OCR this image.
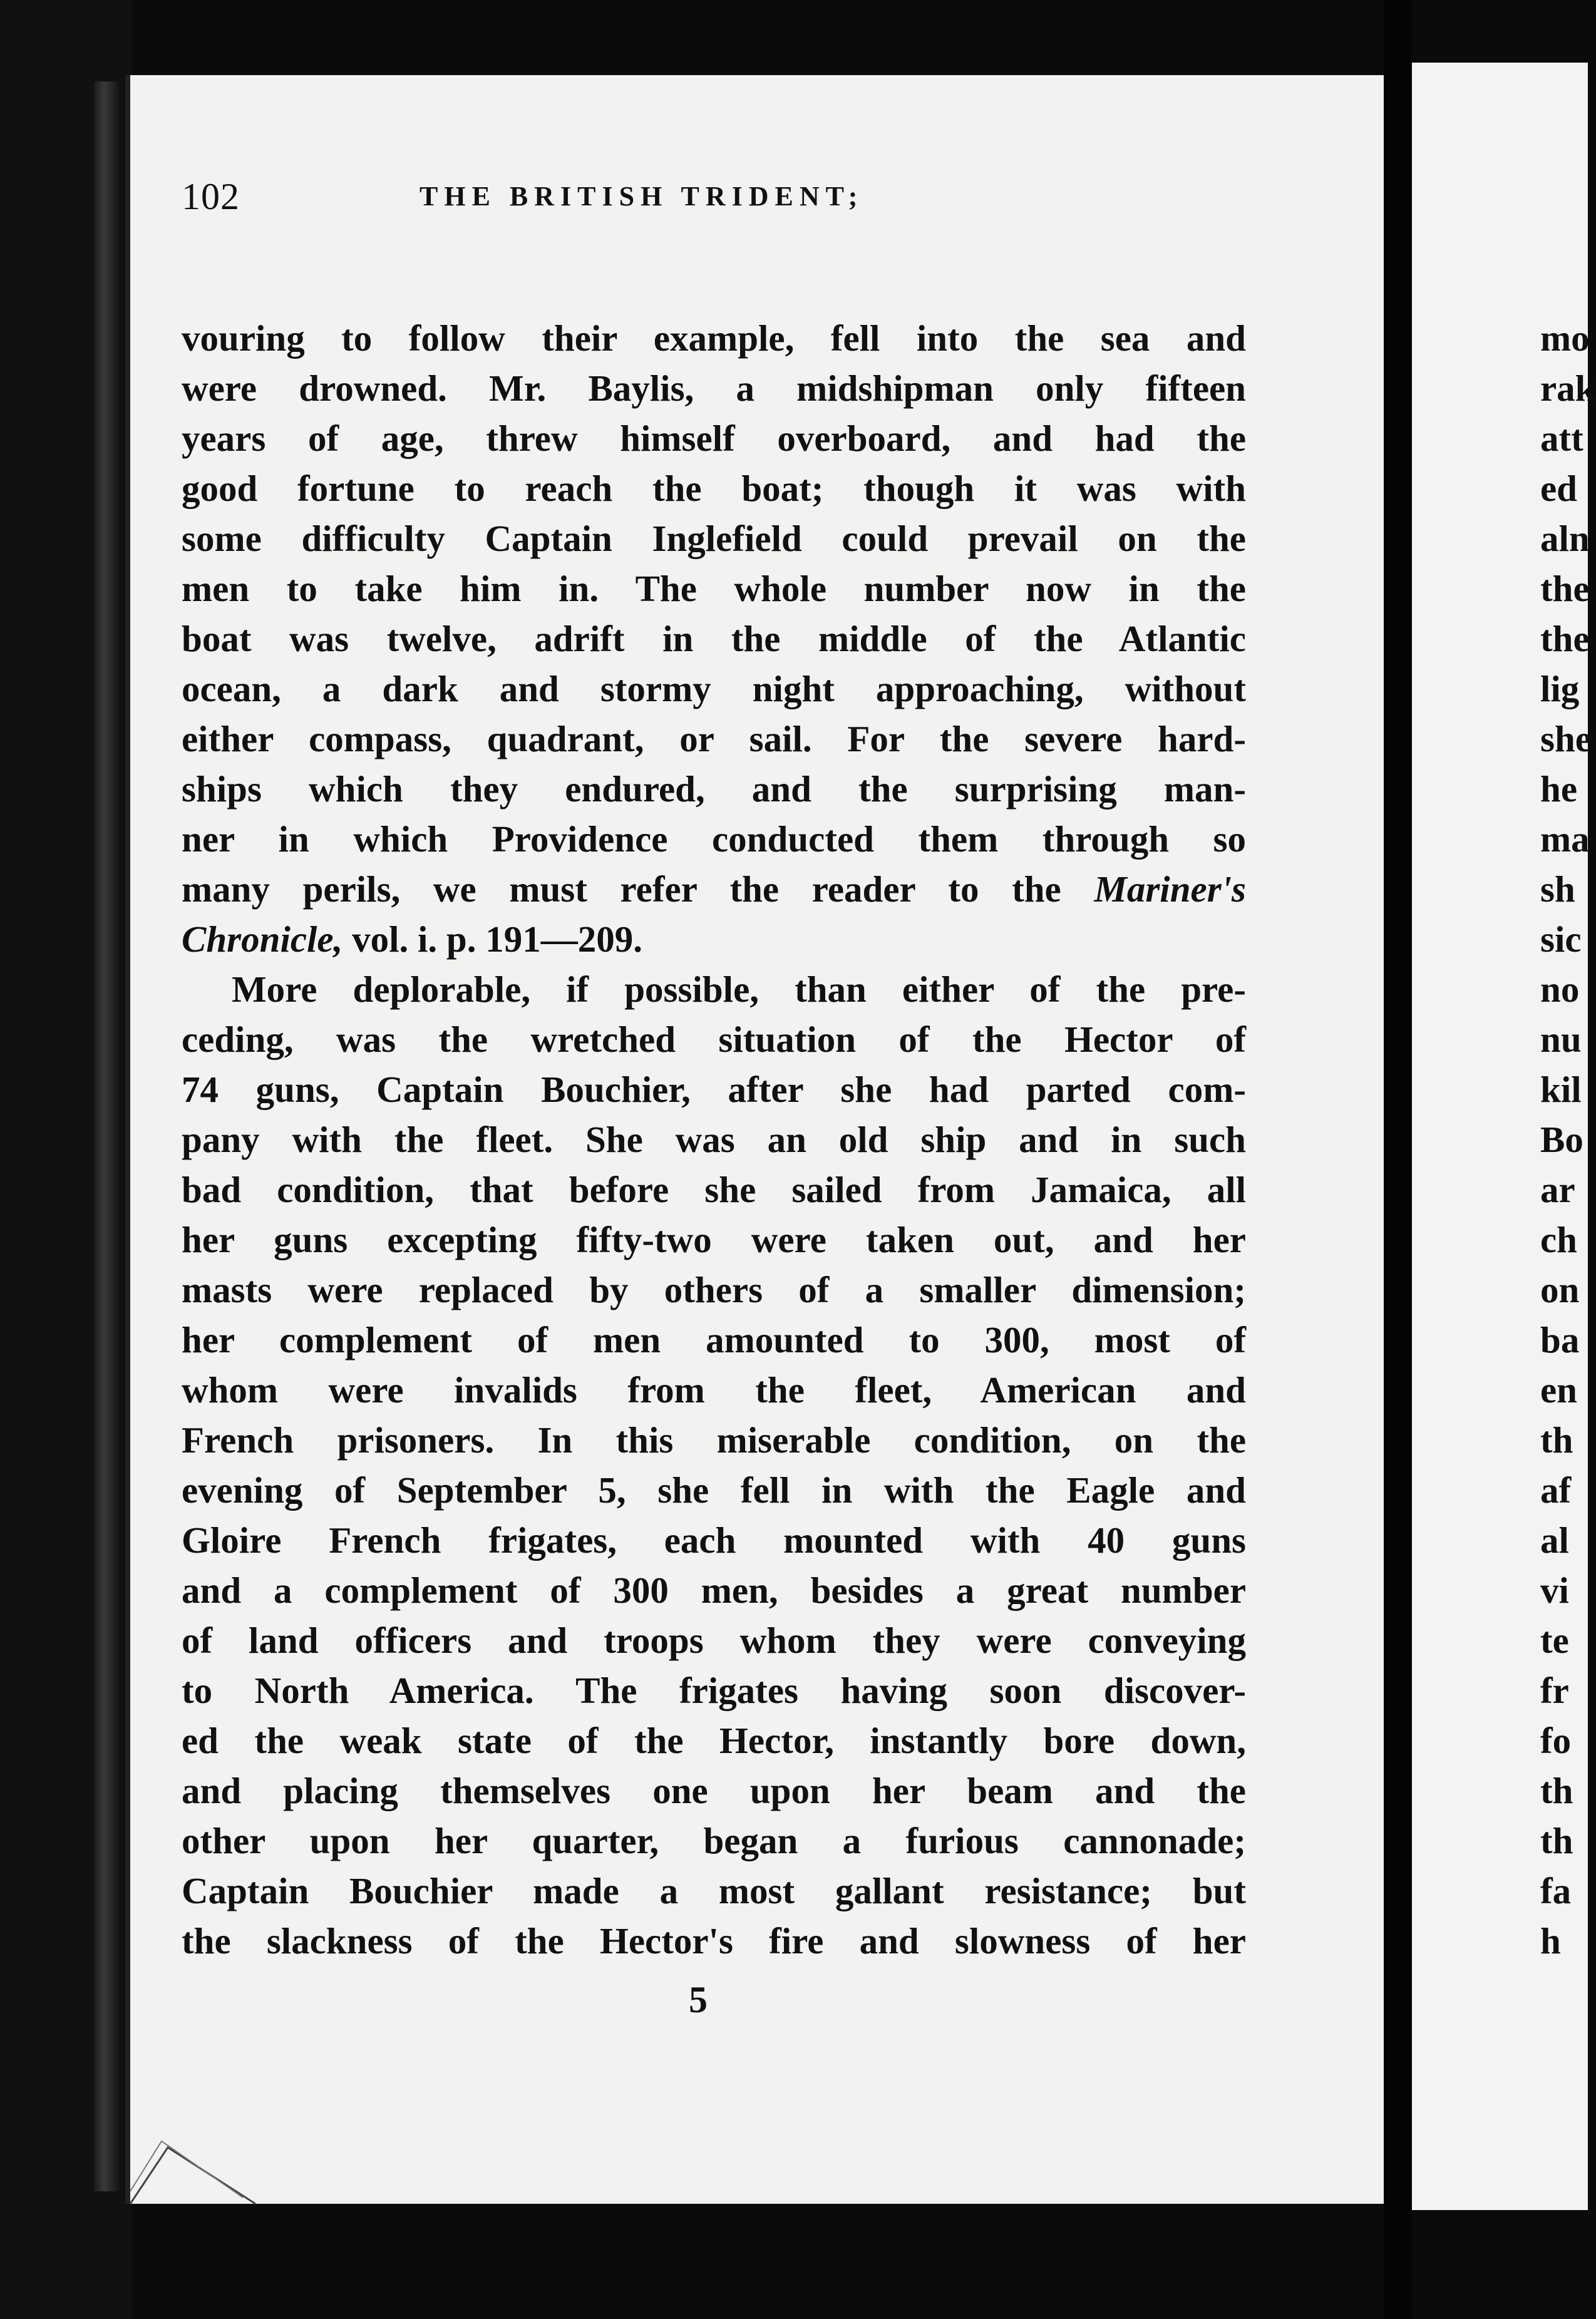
102	THE BRITISH TRIDENT;
vouring to follow their example, fell into the sea and
were drowned. Mr. Baylis, a midshipman only fifteen
years of age, threw himself overboard, and had the
good fortune to reach the boat; though it was with
some difficulty Captain Inglefield could prevail on the
men to take him in. The whole number now in the
boat was twelve, adrift in the middle of the Atlantic
ocean, a dark and stormy night approaching, without
either compass, quadrant, or sail. For the severe hard-
ships which they endured, and the surprising man-
ner in which Providence conducted them through so
many perils, we must refer the reader to the Mariner's
Chronicle, vol. i. p. 191—209.
More deplorable, if possible, than either of the pre-
ceding, was the wretched situation of the Hector of
74 guns, Captain Bouchier, after she had parted com-
pany with the fleet. She was an old ship and in such
bad condition, that before she sailed from Jamaica, all
her guns excepting fifty-two were taken out, and her
masts were replaced by others of a smaller dimension;
her complement of men amounted to 300, most of
whom were invalids from the fleet, American and
French prisoners. In this miserable condition, on the
evening of September 5, she fell in with the Eagle and
Gloire French frigates, each mounted with 40 guns
and a complement of 300 men, besides a great number
of land officers and troops whom they were conveying
to North America. The frigates having soon discover-
ed the weak state of the Hector, instantly bore down,
and placing themselves one upon her beam and the
other upon her quarter, began a furious cannonade;
Captain Bouchier made a most gallant resistance; but
the slackness of the Hector's fire and slowness of her
5
mo
rak
att
ed
aln
the
the
lig
she
he
ma
sh
sic
no
nu
kil
Bo
ar
ch
on
ba
en
th
af
al
vi
te
fr
fo
th
th
fa
h
